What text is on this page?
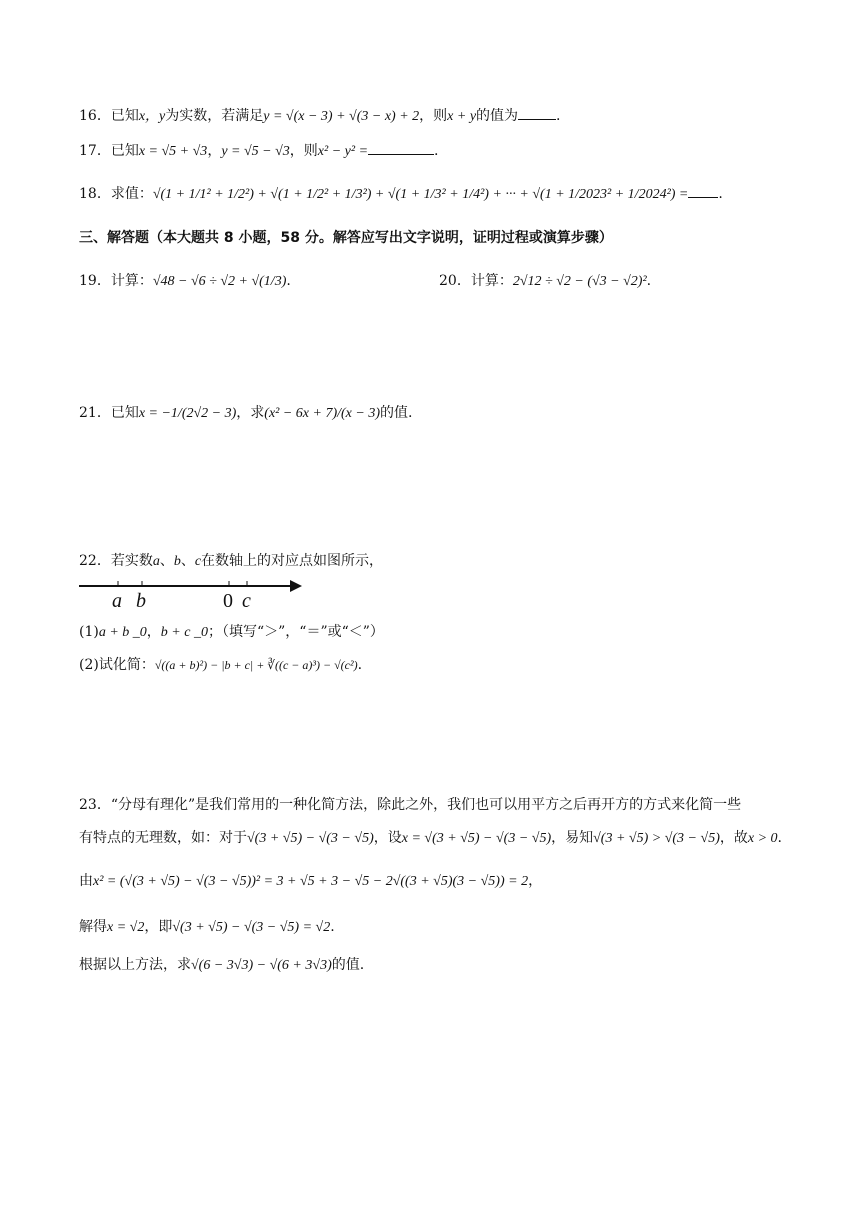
16．已知x，y为实数，若满足y = √(x − 3) + √(3 − x) + 2，则x + y的值为	.
17．已知x = √5 + √3，y = √5 − √3，则x² − y² =	.
18．求值：√(1 + 1/1² + 1/2²) + √(1 + 1/2² + 1/3²) + √(1 + 1/3² + 1/4²) + ··· + √(1 + 1/2023² + 1/2024²) = .
三、解答题（本大题共 8 小题，58 分。解答应写出文字说明，证明过程或演算步骤）
19．计算：√48 − √6 ÷ √2 + √(1/3).	20．计算：2√12 ÷ √2 − (√3 − √2)².
21．已知x = −1/(2√2 − 3)，求(x² − 6x + 7)/(x − 3)的值.
22．若实数a、b、c在数轴上的对应点如图所示，
a b	0 c
(1)a + b _0，b + c _0；（填写“＞”，“＝”或“＜”）
(2)试化简：√((a + b)²) − |b + c| + ∛((c − a)³) − √(c²).
23．“分母有理化”是我们常用的一种化简方法，除此之外，我们也可以用平方之后再开方的方式来化简一些
有特点的无理数，如：对于√(3 + √5) − √(3 − √5)，设x = √(3 + √5) − √(3 − √5)，易知√(3 + √5) > √(3 − √5)，故x > 0.
由x² = (√(3 + √5) − √(3 − √5))² = 3 + √5 + 3 − √5 − 2√((3 + √5)(3 − √5)) = 2，
解得x = √2，即√(3 + √5) − √(3 − √5) = √2.
根据以上方法，求√(6 − 3√3) − √(6 + 3√3)的值.
